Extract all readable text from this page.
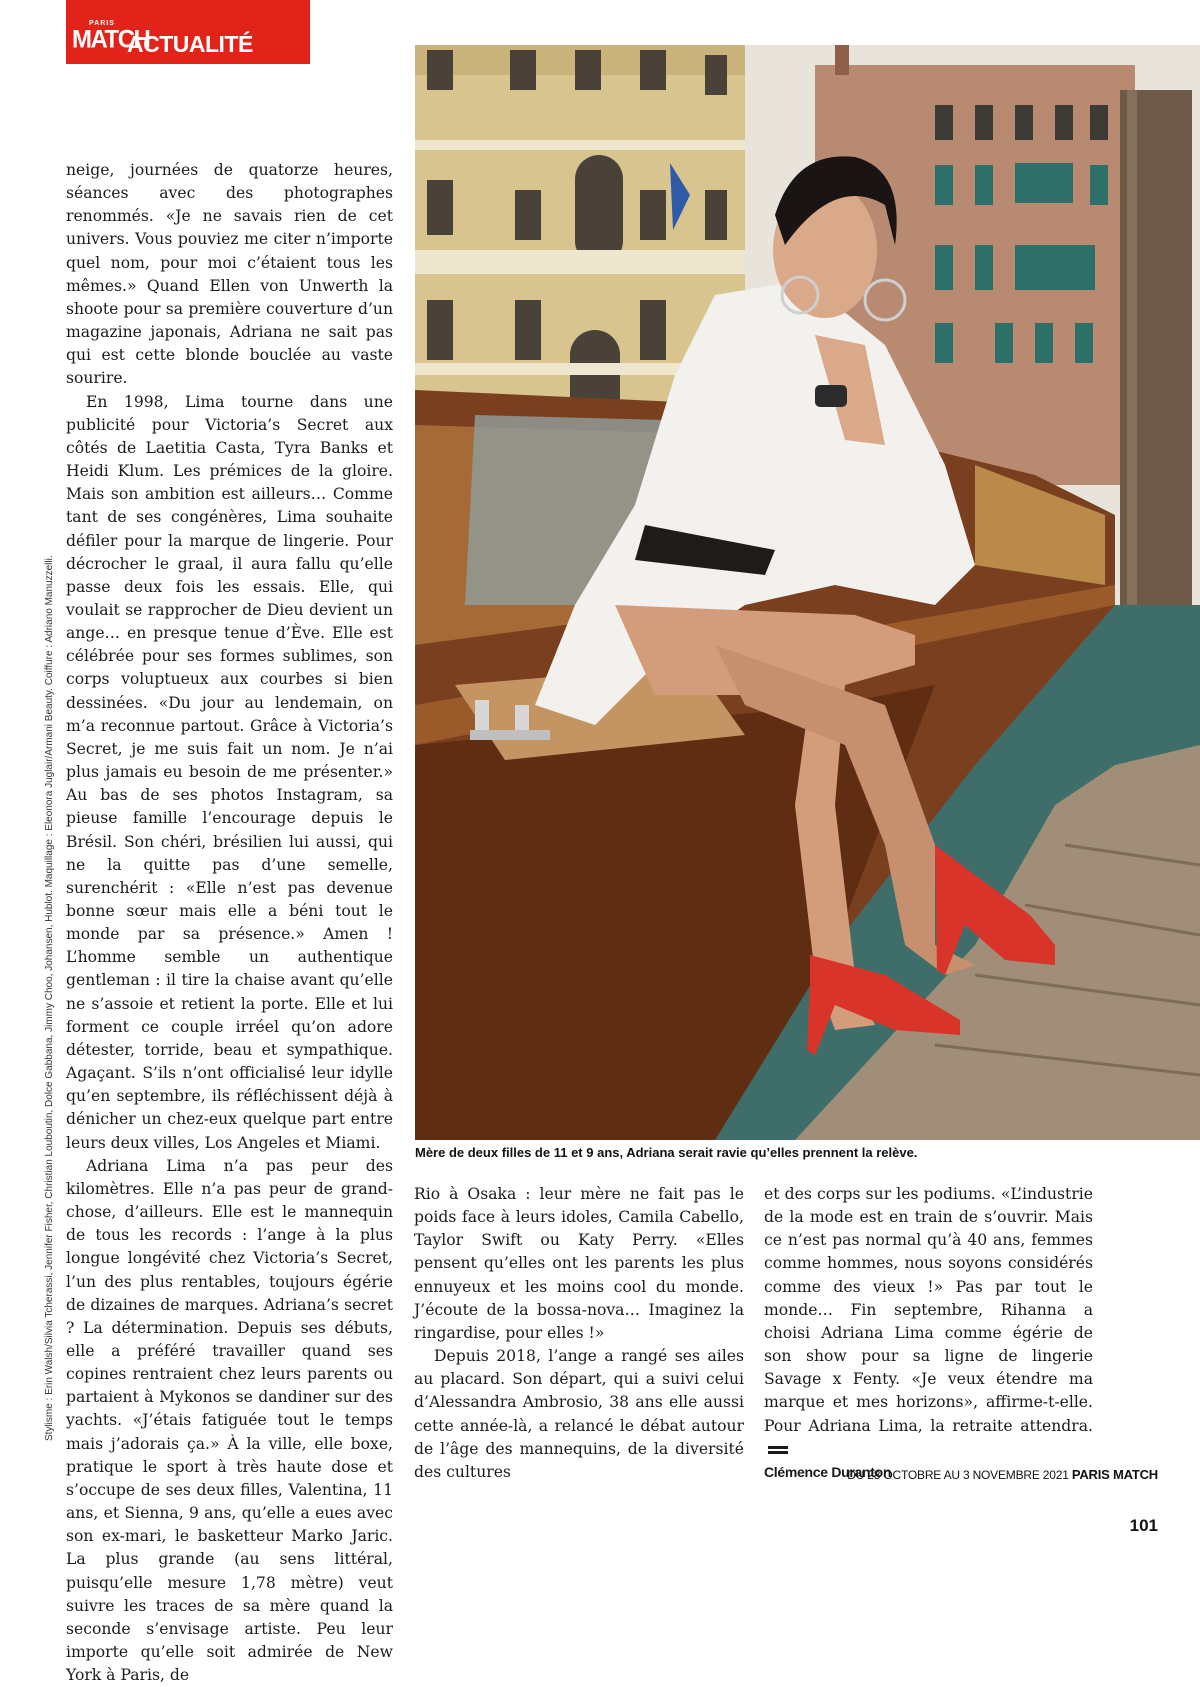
PARIS
MATCH
ACTUALITÉ
Stylisme : Erin Walsh/Silvia Tcherassi, Jennifer Fisher, Christian Louboutin, Dolce Gabbana, Jimmy Choo, Johansen, Hublot. Maquillage : Eleonora Juglair/Armani Beauty. Coiffure : Adriano Manuzzelli.

neige, journées de quatorze heures, séances avec des photographes renommés. «Je ne savais rien de cet univers. Vous pouviez me citer n’importe quel nom, pour moi c’étaient tous les mêmes.» Quand Ellen von Unwerth la shoote pour sa première couverture d’un magazine japonais, Adriana ne sait pas qui est cette blonde bouclée au vaste sourire.

En 1998, Lima tourne dans une publicité pour Victoria’s Secret aux côtés de Laetitia Casta, Tyra Banks et Heidi Klum. Les prémices de la gloire. Mais son ambition est ailleurs… Comme tant de ses congénères, Lima souhaite défiler pour la marque de lingerie. Pour décrocher le graal, il aura fallu qu’elle passe deux fois les essais. Elle, qui voulait se rapprocher de Dieu devient un ange… en presque tenue d’Ève. Elle est célébrée pour ses formes sublimes, son corps voluptueux aux courbes si bien dessinées. «Du jour au lendemain, on m’a reconnue partout. Grâce à Victoria’s Secret, je me suis fait un nom. Je n’ai plus jamais eu besoin de me présenter.» Au bas de ses photos Instagram, sa pieuse famille l’encourage depuis le Brésil. Son chéri, brésilien lui aussi, qui ne la quitte pas d’une semelle, surenchérit : «Elle n’est pas devenue bonne sœur mais elle a béni tout le monde par sa présence.» Amen ! L’homme semble un authentique gentleman : il tire la chaise avant qu’elle ne s’assoie et retient la porte. Elle et lui forment ce couple irréel qu’on adore détester, torride, beau et sympathique. Agaçant. S’ils n’ont officialisé leur idylle qu’en septembre, ils réfléchissent déjà à dénicher un chez-eux quelque part entre leurs deux villes, Los Angeles et Miami.

Adriana Lima n’a pas peur des kilomètres. Elle n’a pas peur de grand-chose, d’ailleurs. Elle est le mannequin de tous les records : l’ange à la plus longue longévité chez Victoria’s Secret, l’un des plus rentables, toujours égérie de dizaines de marques. Adriana’s secret ? La détermination. Depuis ses débuts, elle a préféré travailler quand ses copines rentraient chez leurs parents ou partaient à Mykonos se dandiner sur des yachts. «J’étais fatiguée tout le temps mais j’adorais ça.» À la ville, elle boxe, pratique le sport à très haute dose et s’occupe de ses deux filles, Valentina, 11 ans, et Sienna, 9 ans, qu’elle a eues avec son ex-mari, le basketteur Marko Jaric. La plus grande (au sens littéral, puisqu’elle mesure 1,78 mètre) veut suivre les traces de sa mère quand la seconde s’envisage artiste. Peu leur importe qu’elle soit admirée de New York à Paris, de

Mère de deux filles de 11 et 9 ans, Adriana serait ravie qu’elles prennent la relève.

Rio à Osaka : leur mère ne fait pas le poids face à leurs idoles, Camila Cabello, Taylor Swift ou Katy Perry. «Elles pensent qu’elles ont les parents les plus ennuyeux et les moins cool du monde. J’écoute de la bossa-nova… Imaginez la ringardise, pour elles !»

Depuis 2018, l’ange a rangé ses ailes au placard. Son départ, qui a suivi celui d’Alessandra Ambrosio, 38 ans elle aussi cette année-là, a relancé le débat autour de l’âge des mannequins, de la diversité des cultures

et des corps sur les podiums. «L’industrie de la mode est en train de s’ouvrir. Mais ce n’est pas normal qu’à 40 ans, femmes comme hommes, nous soyons considérés comme des vieux !» Pas par tout le monde… Fin septembre, Rihanna a choisi Adriana Lima comme égérie de son show pour sa ligne de lingerie Savage x Fenty. «Je veux étendre ma marque et mes horizons», affirme-t-elle. Pour Adriana Lima, la retraite attendra.

Clémence Duranton
DU 28 OCTOBRE AU 3 NOVEMBRE 2021 PARIS MATCH
101
